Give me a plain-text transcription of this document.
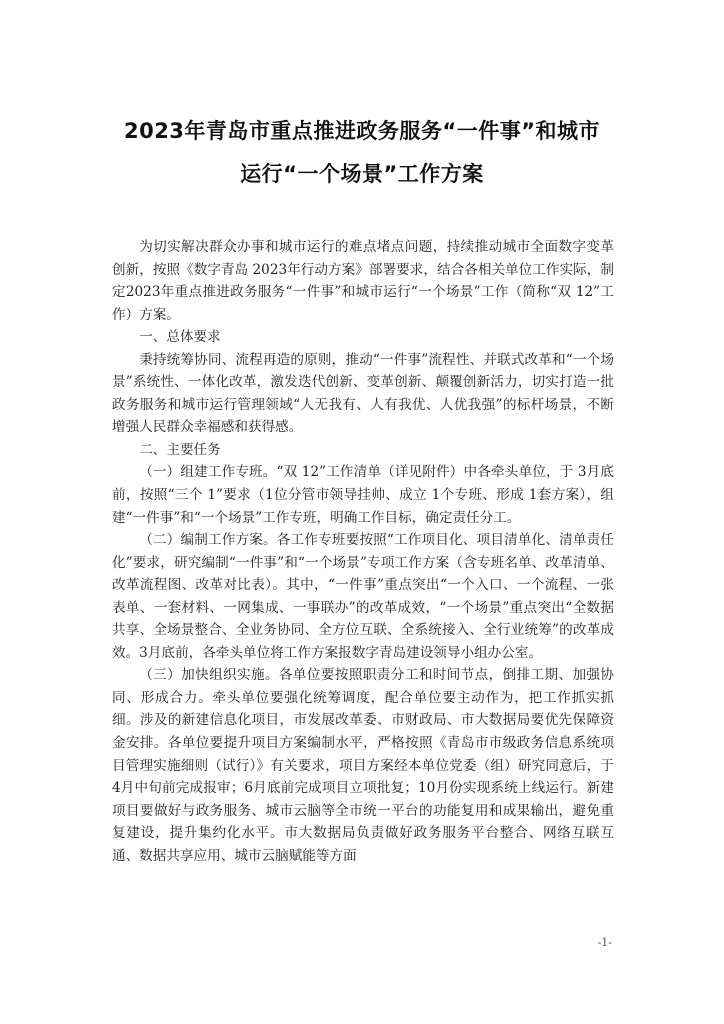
2023年青岛市重点推进政务服务“一件事”和城市
运行“一个场景”工作方案

为切实解决群众办事和城市运行的难点堵点问题，持续推动城市全面数字变革创新，按照《数字青岛 2023年行动方案》部署要求，结合各相关单位工作实际，制定2023年重点推进政务服务“一件事”和城市运行“一个场景”工作（简称“双 12”工作）方案。

一、总体要求

秉持统筹协同、流程再造的原则，推动“一件事”流程性、并联式改革和“一个场景”系统性、一体化改革，激发迭代创新、变革创新、颠覆创新活力，切实打造一批政务服务和城市运行管理领域“人无我有、人有我优、人优我强”的标杆场景，不断增强人民群众幸福感和获得感。

二、主要任务

（一）组建工作专班。“双 12”工作清单（详见附件）中各牵头单位，于 3月底前，按照“三个 1”要求（1位分管市领导挂帅、成立 1个专班、形成 1套方案），组建“一件事”和“一个场景”工作专班，明确工作目标，确定责任分工。

（二）编制工作方案。各工作专班要按照“工作项目化、项目清单化、清单责任化”要求，研究编制“一件事”和“一个场景”专项工作方案（含专班名单、改革清单、改革流程图、改革对比表）。其中，“一件事”重点突出“一个入口、一个流程、一张表单、一套材料、一网集成、一事联办”的改革成效，“一个场景”重点突出“全数据共享、全场景整合、全业务协同、全方位互联、全系统接入、全行业统筹”的改革成效。3月底前，各牵头单位将工作方案报数字青岛建设领导小组办公室。

（三）加快组织实施。各单位要按照职责分工和时间节点，倒排工期、加强协同、形成合力。牵头单位要强化统筹调度，配合单位要主动作为，把工作抓实抓细。涉及的新建信息化项目，市发展改革委、市财政局、市大数据局要优先保障资金安排。各单位要提升项目方案编制水平，严格按照《青岛市市级政务信息系统项目管理实施细则（试行）》有关要求，项目方案经本单位党委（组）研究同意后，于 4月中旬前完成报审；6月底前完成项目立项批复；10月份实现系统上线运行。新建项目要做好与政务服务、城市云脑等全市统一平台的功能复用和成果输出，避免重复建设，提升集约化水平。市大数据局负责做好政务服务平台整合、网络互联互通、数据共享应用、城市云脑赋能等方面

-1-
